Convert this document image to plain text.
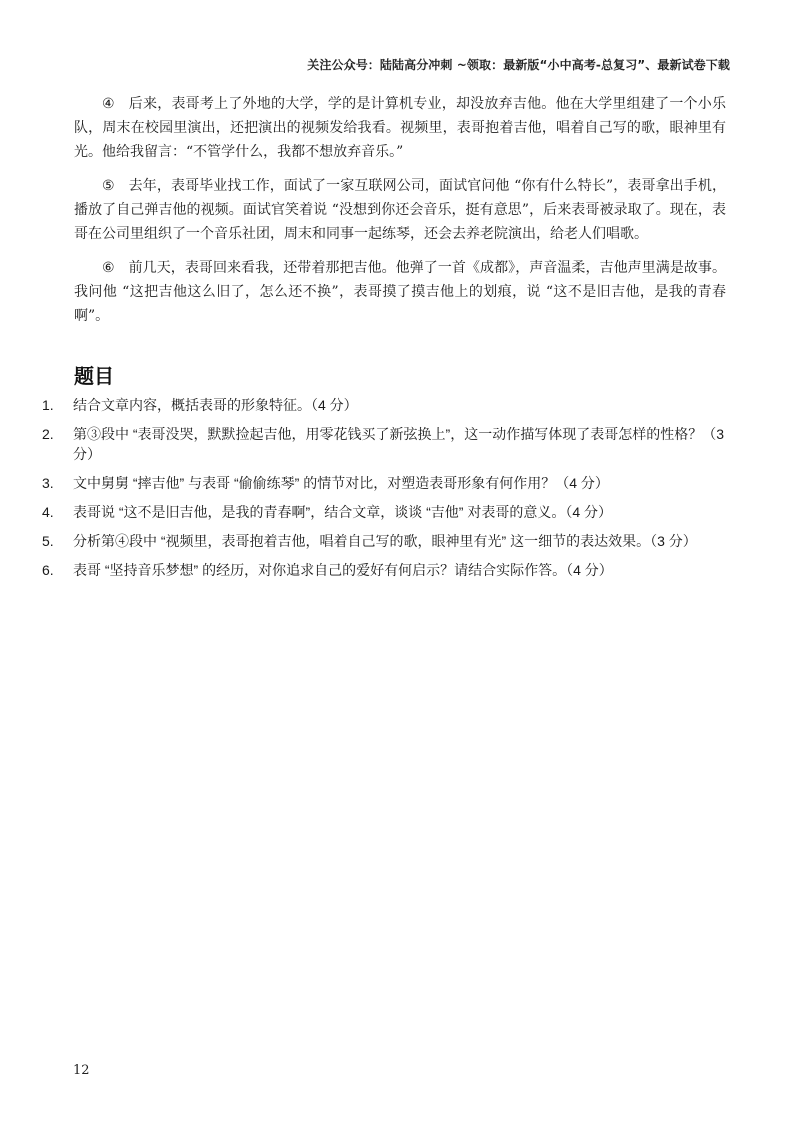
关注公众号：陆陆高分冲刺 ~领取：最新版“小中高考-总复习”、最新试卷下载

④ 后来，表哥考上了外地的大学，学的是计算机专业，却没放弃吉他。他在大学里组建了一个小乐队，周末在校园里演出，还把演出的视频发给我看。视频里，表哥抱着吉他，唱着自己写的歌，眼神里有光。他给我留言：“不管学什么，我都不想放弃音乐。”

⑤ 去年，表哥毕业找工作，面试了一家互联网公司，面试官问他 “你有什么特长”，表哥拿出手机，播放了自己弹吉他的视频。面试官笑着说 “没想到你还会音乐，挺有意思”，后来表哥被录取了。现在，表哥在公司里组织了一个音乐社团，周末和同事一起练琴，还会去养老院演出，给老人们唱歌。

⑥ 前几天，表哥回来看我，还带着那把吉他。他弹了一首《成都》，声音温柔，吉他声里满是故事。我问他 “这把吉他这么旧了，怎么还不换”，表哥摸了摸吉他上的划痕，说 “这不是旧吉他，是我的青春啊”。

题目
1. 结合文章内容，概括表哥的形象特征。（4 分）
2. 第③段中 “表哥没哭，默默捡起吉他，用零花钱买了新弦换上”，这一动作描写体现了表哥怎样的性格？（3 分）
3. 文中舅舅 “摔吉他” 与表哥 “偷偷练琴” 的情节对比，对塑造表哥形象有何作用？（4 分）
4. 表哥说 “这不是旧吉他，是我的青春啊”，结合文章，谈谈 “吉他” 对表哥的意义。（4 分）
5. 分析第④段中 “视频里，表哥抱着吉他，唱着自己写的歌，眼神里有光” 这一细节的表达效果。（3 分）
6. 表哥 “坚持音乐梦想” 的经历，对你追求自己的爱好有何启示？请结合实际作答。（4 分）
12
